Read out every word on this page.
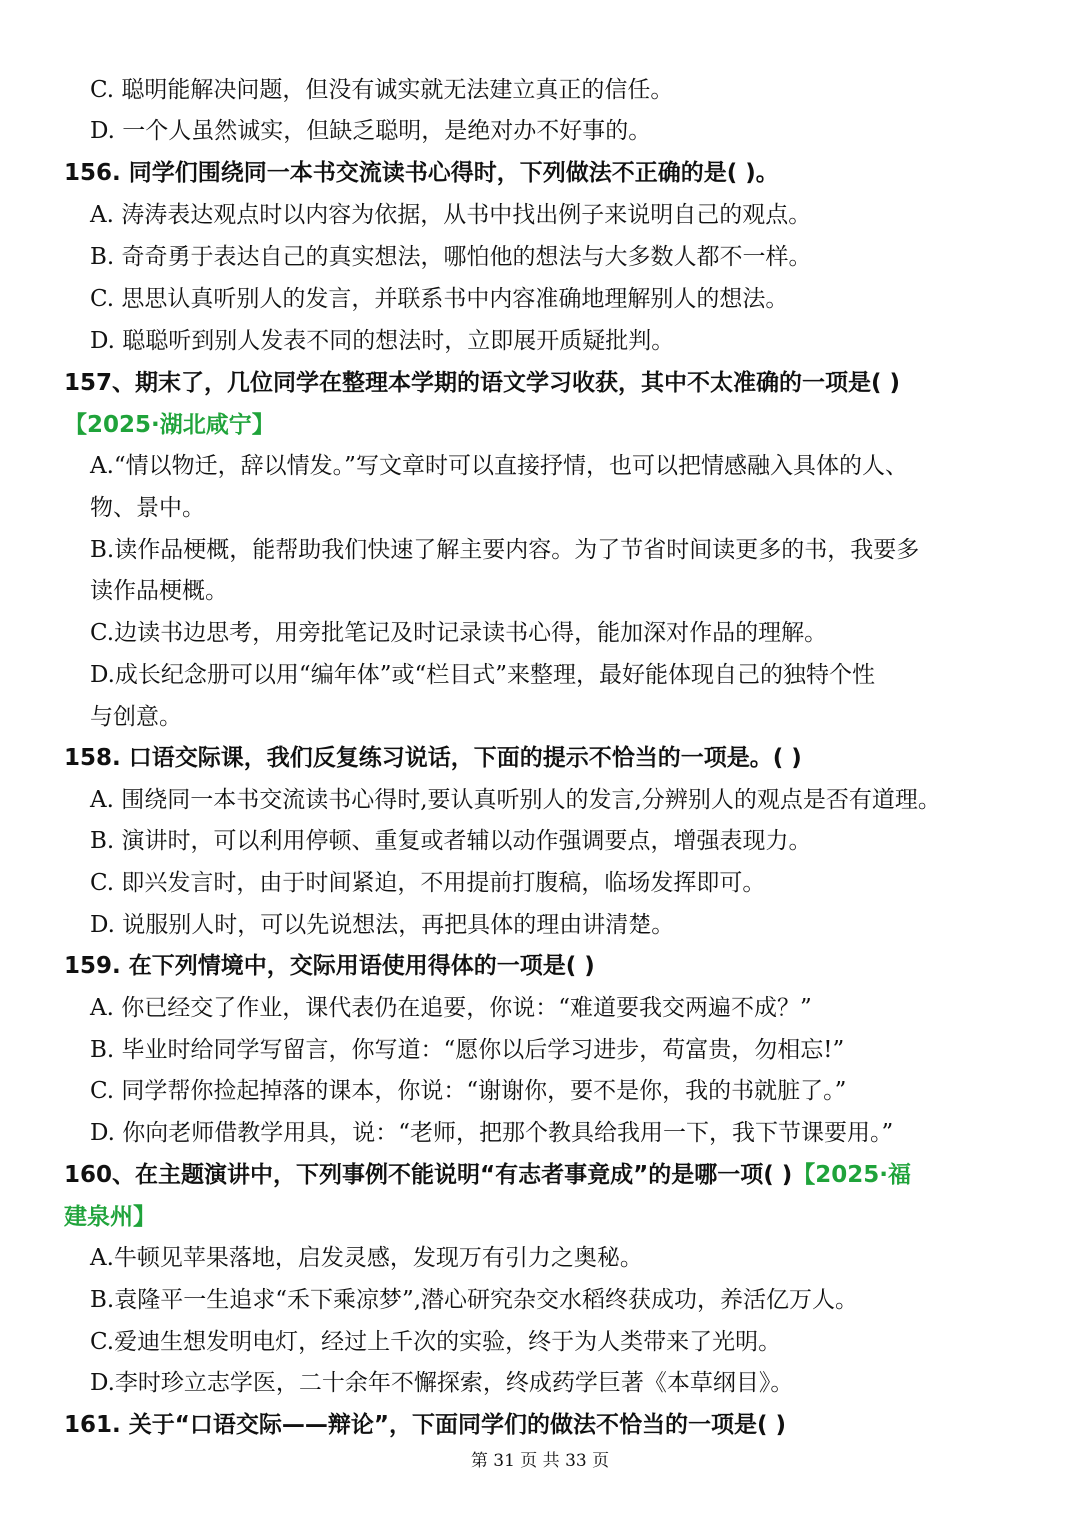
C. 聪明能解决问题，但没有诚实就无法建立真正的信任。
D. 一个人虽然诚实，但缺乏聪明，是绝对办不好事的。
156. 同学们围绕同一本书交流读书心得时，下列做法不正确的是( )。
A. 涛涛表达观点时以内容为依据，从书中找出例子来说明自己的观点。
B. 奇奇勇于表达自己的真实想法，哪怕他的想法与大多数人都不一样。
C. 思思认真听别人的发言，并联系书中内容准确地理解别人的想法。
D. 聪聪听到别人发表不同的想法时，立即展开质疑批判。
157、期末了，几位同学在整理本学期的语文学习收获，其中不太准确的一项是( )
【2025·湖北咸宁】
A.“情以物迁，辞以情发。”写文章时可以直接抒情，也可以把情感融入具体的人、
物、景中。
B.读作品梗概，能帮助我们快速了解主要内容。为了节省时间读更多的书，我要多
读作品梗概。
C.边读书边思考，用旁批笔记及时记录读书心得，能加深对作品的理解。
D.成长纪念册可以用“编年体”或“栏目式”来整理，最好能体现自己的独特个性
与创意。
158. 口语交际课，我们反复练习说话，下面的提示不恰当的一项是。( )
A. 围绕同一本书交流读书心得时,要认真听别人的发言,分辨别人的观点是否有道理。
B. 演讲时，可以利用停顿、重复或者辅以动作强调要点，增强表现力。
C. 即兴发言时，由于时间紧迫，不用提前打腹稿，临场发挥即可。
D. 说服别人时，可以先说想法，再把具体的理由讲清楚。
159. 在下列情境中，交际用语使用得体的一项是( )
A. 你已经交了作业，课代表仍在追要，你说：“难道要我交两遍不成？”
B. 毕业时给同学写留言，你写道：“愿你以后学习进步，苟富贵，勿相忘!”
C. 同学帮你捡起掉落的课本，你说：“谢谢你，要不是你，我的书就脏了。”
D. 你向老师借教学用具，说：“老师，把那个教具给我用一下，我下节课要用。”
160、在主题演讲中，下列事例不能说明“有志者事竟成”的是哪一项( )【2025·福
建泉州】
A.牛顿见苹果落地，启发灵感，发现万有引力之奥秘。
B.袁隆平一生追求“禾下乘凉梦”,潜心研究杂交水稻终获成功，养活亿万人。
C.爱迪生想发明电灯，经过上千次的实验，终于为人类带来了光明。
D.李时珍立志学医，二十余年不懈探索，终成药学巨著《本草纲目》。
161. 关于“口语交际——辩论”，下面同学们的做法不恰当的一项是( )
第 31 页 共 33 页
